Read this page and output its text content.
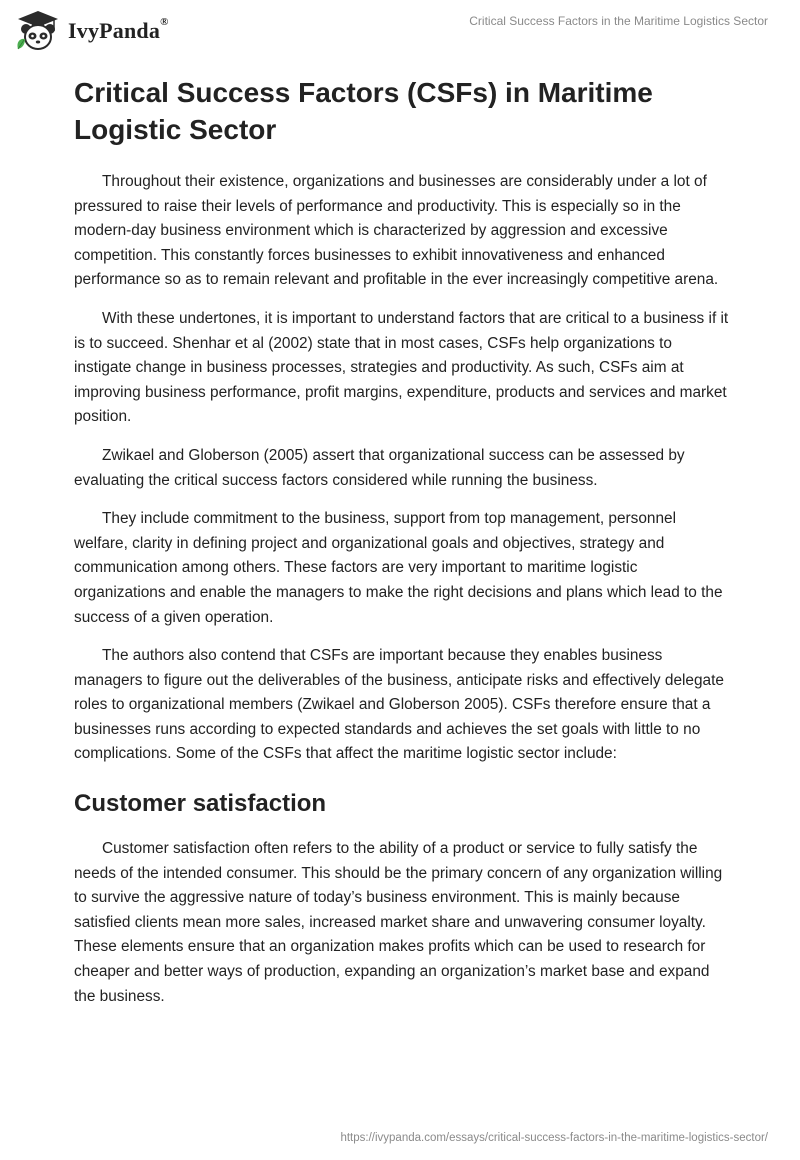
IvyPanda®	Critical Success Factors in the Maritime Logistics Sector
Critical Success Factors (CSFs) in Maritime Logistic Sector

Throughout their existence, organizations and businesses are considerably under a lot of pressured to raise their levels of performance and productivity. This is especially so in the modern-day business environment which is characterized by aggression and excessive competition. This constantly forces businesses to exhibit innovativeness and enhanced performance so as to remain relevant and profitable in the ever increasingly competitive arena.

With these undertones, it is important to understand factors that are critical to a business if it is to succeed. Shenhar et al (2002) state that in most cases, CSFs help organizations to instigate change in business processes, strategies and productivity. As such, CSFs aim at improving business performance, profit margins, expenditure, products and services and market position.

Zwikael and Globerson (2005) assert that organizational success can be assessed by evaluating the critical success factors considered while running the business.

They include commitment to the business, support from top management, personnel welfare, clarity in defining project and organizational goals and objectives, strategy and communication among others. These factors are very important to maritime logistic organizations and enable the managers to make the right decisions and plans which lead to the success of a given operation.

The authors also contend that CSFs are important because they enables business managers to figure out the deliverables of the business, anticipate risks and effectively delegate roles to organizational members (Zwikael and Globerson 2005). CSFs therefore ensure that a businesses runs according to expected standards and achieves the set goals with little to no complications. Some of the CSFs that affect the maritime logistic sector include:

Customer satisfaction

Customer satisfaction often refers to the ability of a product or service to fully satisfy the needs of the intended consumer. This should be the primary concern of any organization willing to survive the aggressive nature of today’s business environment. This is mainly because satisfied clients mean more sales, increased market share and unwavering consumer loyalty. These elements ensure that an organization makes profits which can be used to research for cheaper and better ways of production, expanding an organization’s market base and expand the business.

https://ivypanda.com/essays/critical-success-factors-in-the-maritime-logistics-sector/
